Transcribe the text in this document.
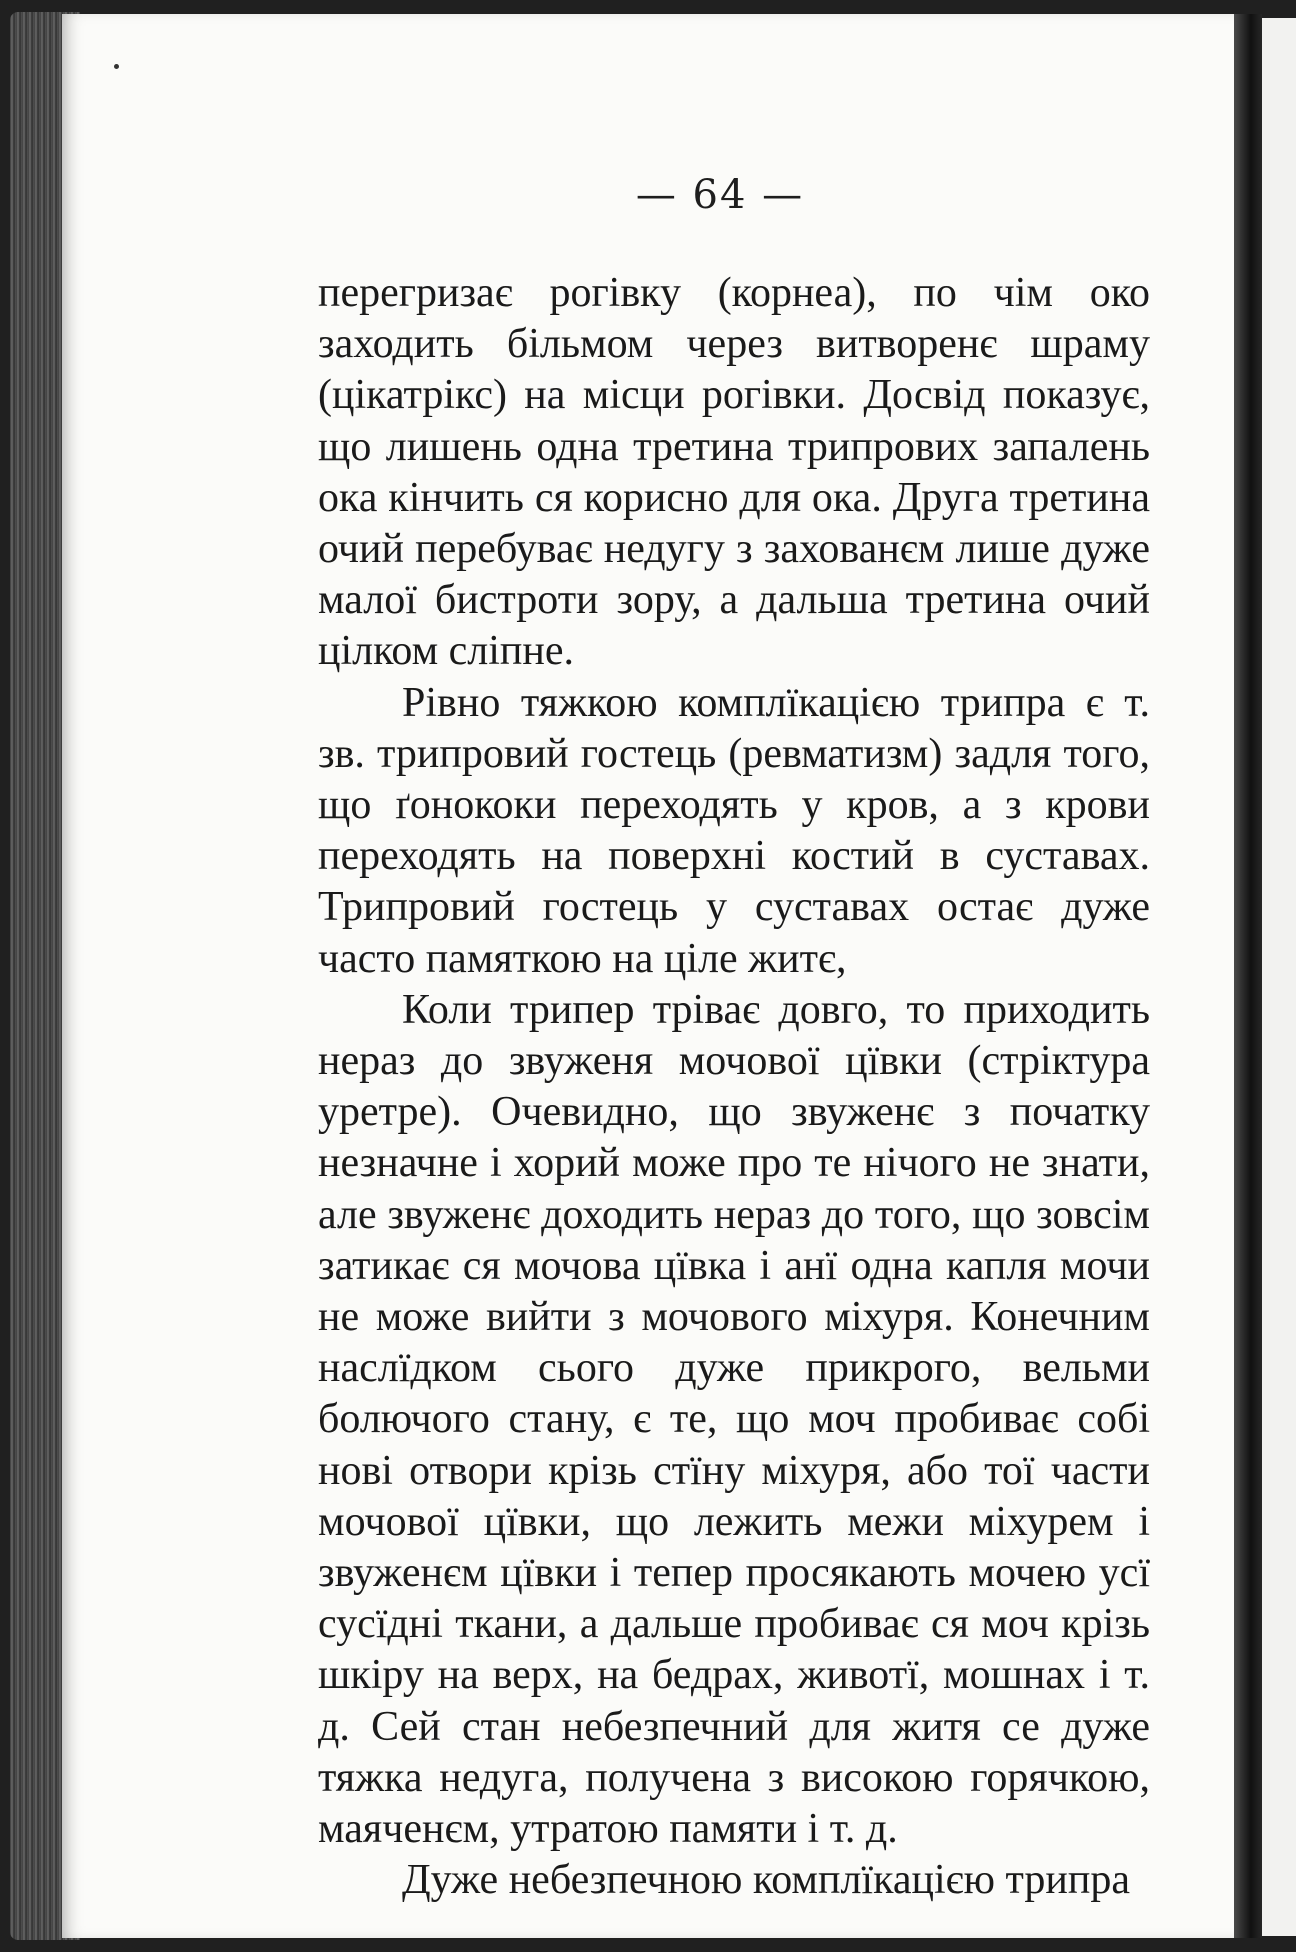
— 64 —

перегризає рогівку (корнеа), по чім око заходить більмом через витворенє шраму (цікатрікс) на місци рогівки. Досвід показує, що лишень одна третина трипрових запалень ока кінчить ся корисно для ока. Друга третина очий перебуває недугу з захованєм лише дуже малої бистроти зору, а дальша третина очий цілком сліпне.

Рівно тяжкою комплїкацією трипра є т. зв. трипровий гостець (ревматизм) задля того, що ґонококи переходять у кров, а з крови переходять на поверхні костий в суставах. Трипровий гостець у суставах остає дуже часто памяткою на ціле житє,

Коли трипер тріває довго, то приходить нераз до звуженя мочової цївки (стріктура уретре). Очевидно, що звуженє з початку незначне і хорий може про те нічого не знати, але звуженє доходить нераз до того, що зовсім затикає ся мочова цївка і анї одна капля мочи не може вийти з мочового міхуря. Конечним наслїдком сього дуже прикрого, вельми болючого стану, є те, що моч пробиває собі нові отвори крізь стїну міхуря, або тої части мочової цївки, що лежить межи міхурем і звуженєм цївки і тепер просякають мочею усї сусїдні ткани, а дальше пробиває ся моч крізь шкіру на верх, на бедрах, животї, мошнах і т. д. Сей стан небезпечний для житя се дуже тяжка недуга, получена з високою горячкою, маяченєм, утратою памяти і т. д.

Дуже небезпечною комплїкацією трипра
